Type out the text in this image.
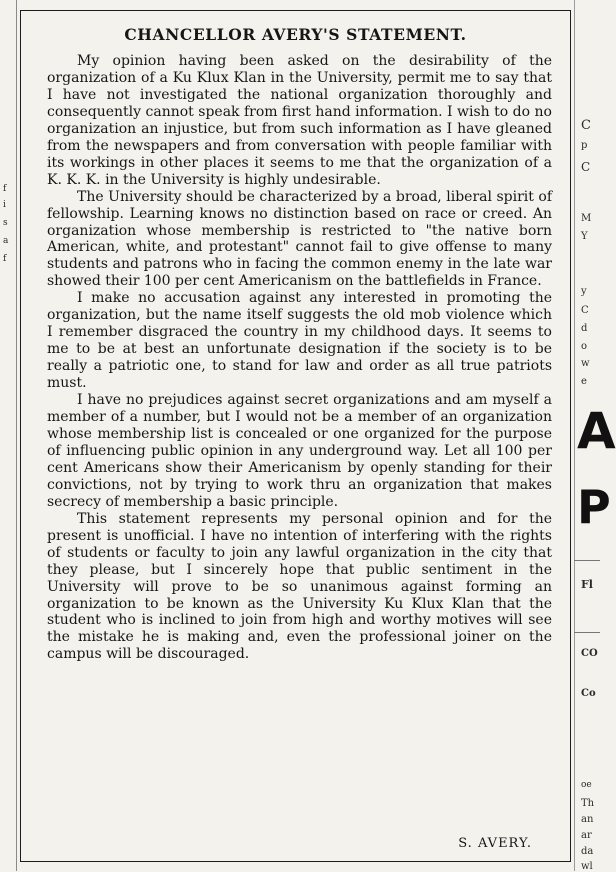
f
i
s
a
f
CHANCELLOR AVERY'S STATEMENT.

My opinion having been asked on the desirability of the organization of a Ku Klux Klan in the University, permit me to say that I have not investigated the national organization thoroughly and consequently cannot speak from first hand information. I wish to do no organization an injustice, but from such information as I have gleaned from the newspapers and from conversation with people familiar with its workings in other places it seems to me that the organization of a K. K. K. in the University is highly undesirable.

The University should be characterized by a broad, liberal spirit of fellowship. Learning knows no distinction based on race or creed. An organization whose membership is restricted to "the native born American, white, and protestant" cannot fail to give offense to many students and patrons who in facing the common enemy in the late war showed their 100 per cent Americanism on the battlefields in France.

I make no accusation against any interested in promoting the organization, but the name itself suggests the old mob violence which I remember disgraced the country in my childhood days. It seems to me to be at best an unfortunate designation if the society is to be really a patriotic one, to stand for law and order as all true patriots must.

I have no prejudices against secret organizations and am myself a member of a number, but I would not be a member of an organization whose membership list is concealed or one organized for the purpose of influencing public opinion in any underground way. Let all 100 per cent Americans show their Americanism by openly standing for their convictions, not by trying to work thru an organization that makes secrecy of membership a basic principle.

This statement represents my personal opinion and for the present is unofficial. I have no intention of interfering with the rights of students or faculty to join any lawful organization in the city that they please, but I sincerely hope that public sentiment in the University will prove to be so unanimous against forming an organization to be known as the University Ku Klux Klan that the student who is inclined to join from high and worthy motives will see the mistake he is making and, even the professional joiner on the campus will be discouraged.

S. AVERY.
C
p
C
M
Y
y
C
d
o
w
e
A
P
Fl
CO
Co
oe
Th
an
ar
da
wl
